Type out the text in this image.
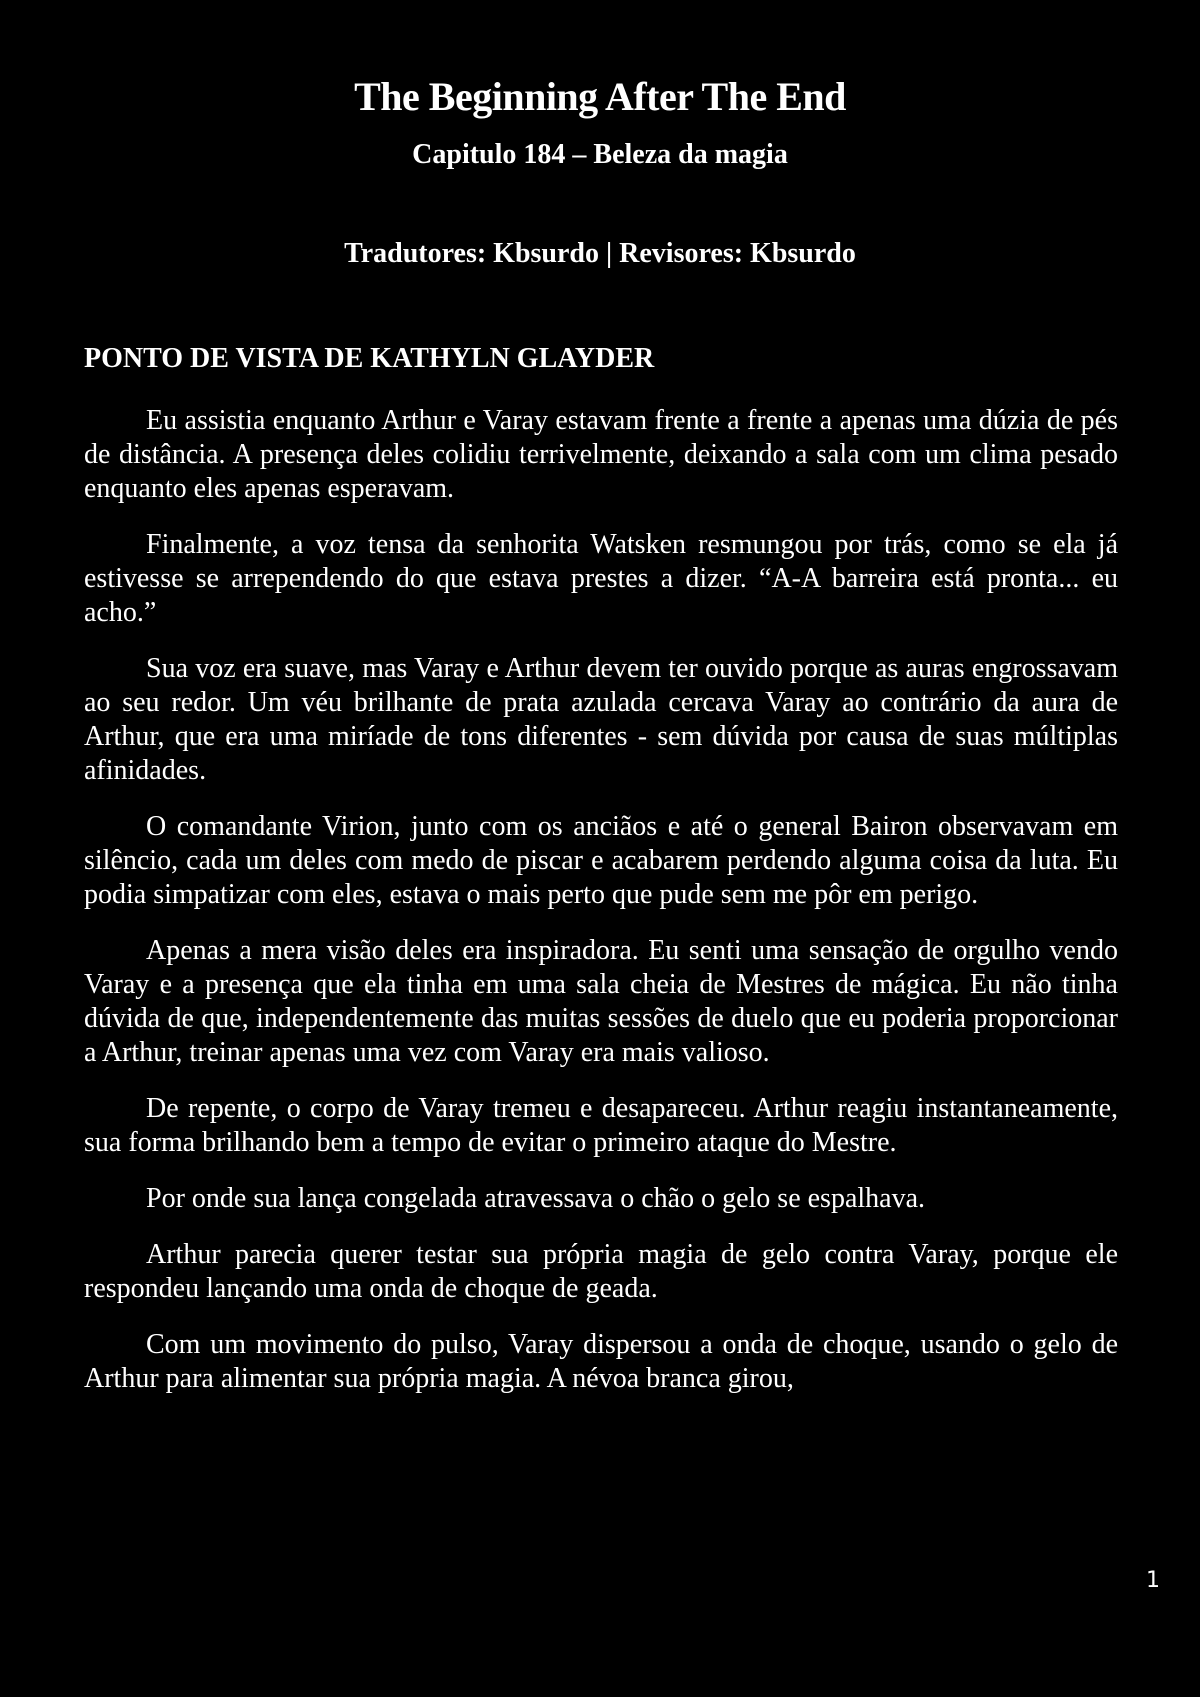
The Beginning After The End
Capitulo 184 – Beleza da magia
Tradutores: Kbsurdo | Revisores: Kbsurdo
PONTO DE VISTA DE KATHYLN GLAYDER

Eu assistia enquanto Arthur e Varay estavam frente a frente a apenas uma dúzia de pés de distância. A presença deles colidiu terrivelmente, deixando a sala com um clima pesado enquanto eles apenas esperavam.

Finalmente, a voz tensa da senhorita Watsken resmungou por trás, como se ela já estivesse se arrependendo do que estava prestes a dizer. “A-A barreira está pronta... eu acho.”

Sua voz era suave, mas Varay e Arthur devem ter ouvido porque as auras engrossavam ao seu redor. Um véu brilhante de prata azulada cercava Varay ao contrário da aura de Arthur, que era uma miríade de tons diferentes - sem dúvida por causa de suas múltiplas afinidades.

O comandante Virion, junto com os anciãos e até o general Bairon observavam em silêncio, cada um deles com medo de piscar e acabarem perdendo alguma coisa da luta. Eu podia simpatizar com eles, estava o mais perto que pude sem me pôr em perigo.

Apenas a mera visão deles era inspiradora. Eu senti uma sensação de orgulho vendo Varay e a presença que ela tinha em uma sala cheia de Mestres de mágica. Eu não tinha dúvida de que, independentemente das muitas sessões de duelo que eu poderia proporcionar a Arthur, treinar apenas uma vez com Varay era mais valioso.

De repente, o corpo de Varay tremeu e desapareceu. Arthur reagiu instantaneamente, sua forma brilhando bem a tempo de evitar o primeiro ataque do Mestre.

Por onde sua lança congelada atravessava o chão o gelo se espalhava.

Arthur parecia querer testar sua própria magia de gelo contra Varay, porque ele respondeu lançando uma onda de choque de geada.

Com um movimento do pulso, Varay dispersou a onda de choque, usando o gelo de Arthur para alimentar sua própria magia. A névoa branca girou,

1
